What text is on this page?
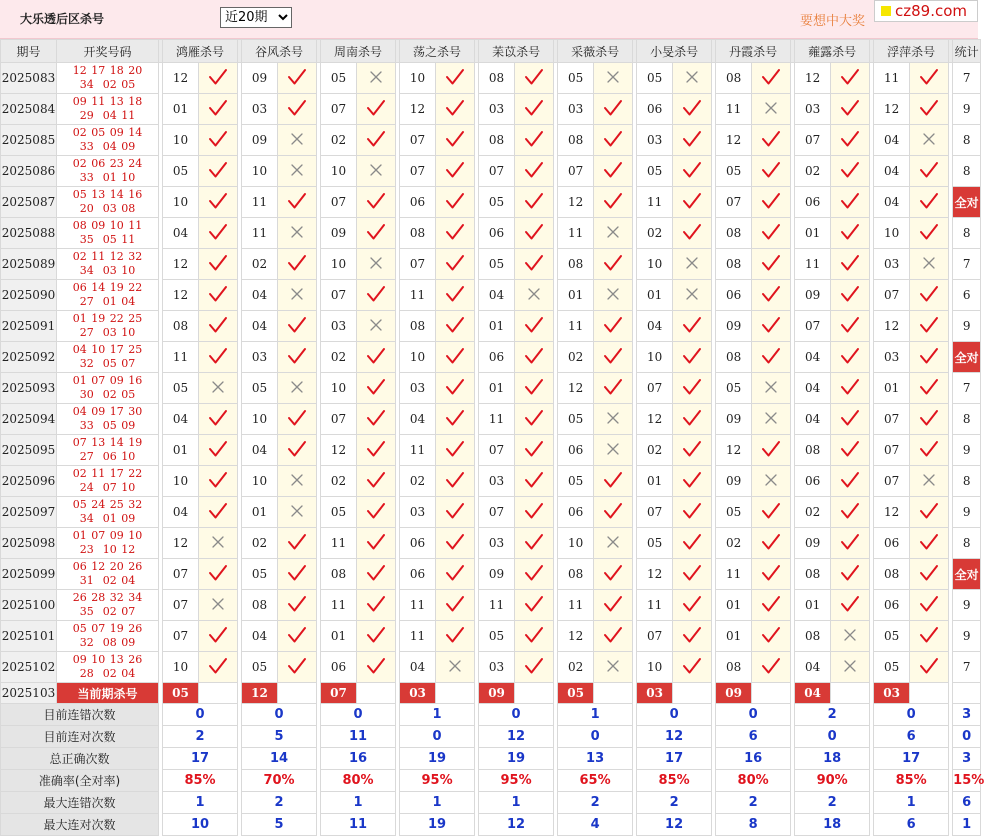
大乐透后区杀号
近20期	要想中大奖
cz89.com
期号	开奖号码		鸿雁杀号			谷风杀号			周南杀号			荡之杀号			苿苡杀号			采薇杀号			小旻杀号			丹霞杀号			蕹露杀号			浮萍杀号			统计
2025083	12 17 18 20 34 02 05		12			09			05			10			08			05			05			08			12			11			7
2025084	09 11 13 18 29 04 11		01			03			07			12			03			03			06			11			03			12			9
2025085	02 05 09 14 33 04 09		10			09			02			07			08			08			03			12			07			04			8
2025086	02 06 23 24 33 01 10		05			10			10			07			07			07			05			05			02			04			8
2025087	05 13 14 16 20 03 08		10			11			07			06			05			12			11			07			06			04			全对
2025088	08 09 10 11 35 05 11		04			11			09			08			06			11			02			08			01			10			8
2025089	02 11 12 32 34 03 10		12			02			10			07			05			08			10			08			11			03			7
2025090	06 14 19 22 27 01 04		12			04			07			11			04			01			01			06			09			07			6
2025091	01 19 22 25 27 03 10		08			04			03			08			01			11			04			09			07			12			9
2025092	04 10 17 25 32 05 07		11			03			02			10			06			02			10			08			04			03			全对
2025093	01 07 09 16 30 02 05		05			05			10			03			01			12			07			05			04			01			7
2025094	04 09 17 30 33 05 09		04			10			07			04			11			05			12			09			04			07			8
2025095	07 13 14 19 27 06 10		01			04			12			11			07			06			02			12			08			07			9
2025096	02 11 17 22 24 07 10		10			10			02			02			03			05			01			09			06			07			8
2025097	05 24 25 32 34 01 09		04			01			05			03			07			06			07			05			02			12			9
2025098	01 07 09 10 23 10 12		12			02			11			06			03			10			05			02			09			06			8
2025099	06 12 20 26 31 02 04		07			05			08			06			09			08			12			11			08			08			全对
2025100	26 28 32 34 35 02 07		07			08			11			11			11			11			11			01			01			06			9
2025101	05 07 19 26 32 08 09		07			04			01			11			05			12			07			01			08			05			9
2025102	09 10 13 26 28 02 04		10			05			06			04			03			02			10			08			04			05			7
2025103	当前期杀号		05			12			07			03			09			05			03			09			04			03			
目前连错次数			0			0			0			1			0			1			0			0			2			0			3
目前连对次数			2			5			11			0			12			0			12			6			0			6			0
总正确次数			17			14			16			19			19			13			17			16			18			17			3
准确率(全对率)			85%			70%			80%			95%			95%			65%			85%			80%			90%			85%			15%
最大连错次数			1			2			1			1			1			2			2			2			2			1			6
最大连对次数			10			5			11			19			12			4			12			8			18			6			1
